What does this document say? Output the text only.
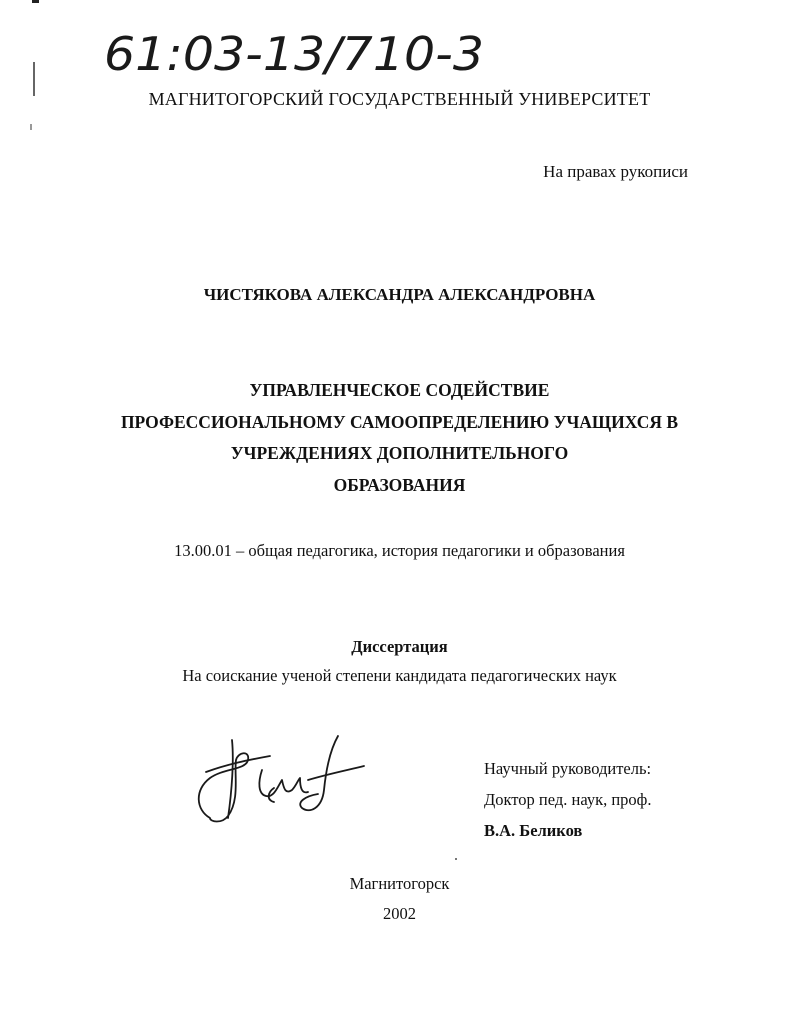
61:03-13/710-3
МАГНИТОГОРСКИЙ ГОСУДАРСТВЕННЫЙ УНИВЕРСИТЕТ
На правах рукописи
ЧИСТЯКОВА АЛЕКСАНДРА АЛЕКСАНДРОВНА
УПРАВЛЕНЧЕСКОЕ СОДЕЙСТВИЕ
ПРОФЕССИОНАЛЬНОМУ САМООПРЕДЕЛЕНИЮ УЧАЩИХСЯ В
УЧРЕЖДЕНИЯХ ДОПОЛНИТЕЛЬНОГО
ОБРАЗОВАНИЯ
13.00.01 – общая педагогика, история педагогики и образования
Диссертация
На соискание ученой степени кандидата педагогических наук
Научный руководитель:
Доктор пед. наук, проф.
В.А. Беликов
Магнитогорск
2002
